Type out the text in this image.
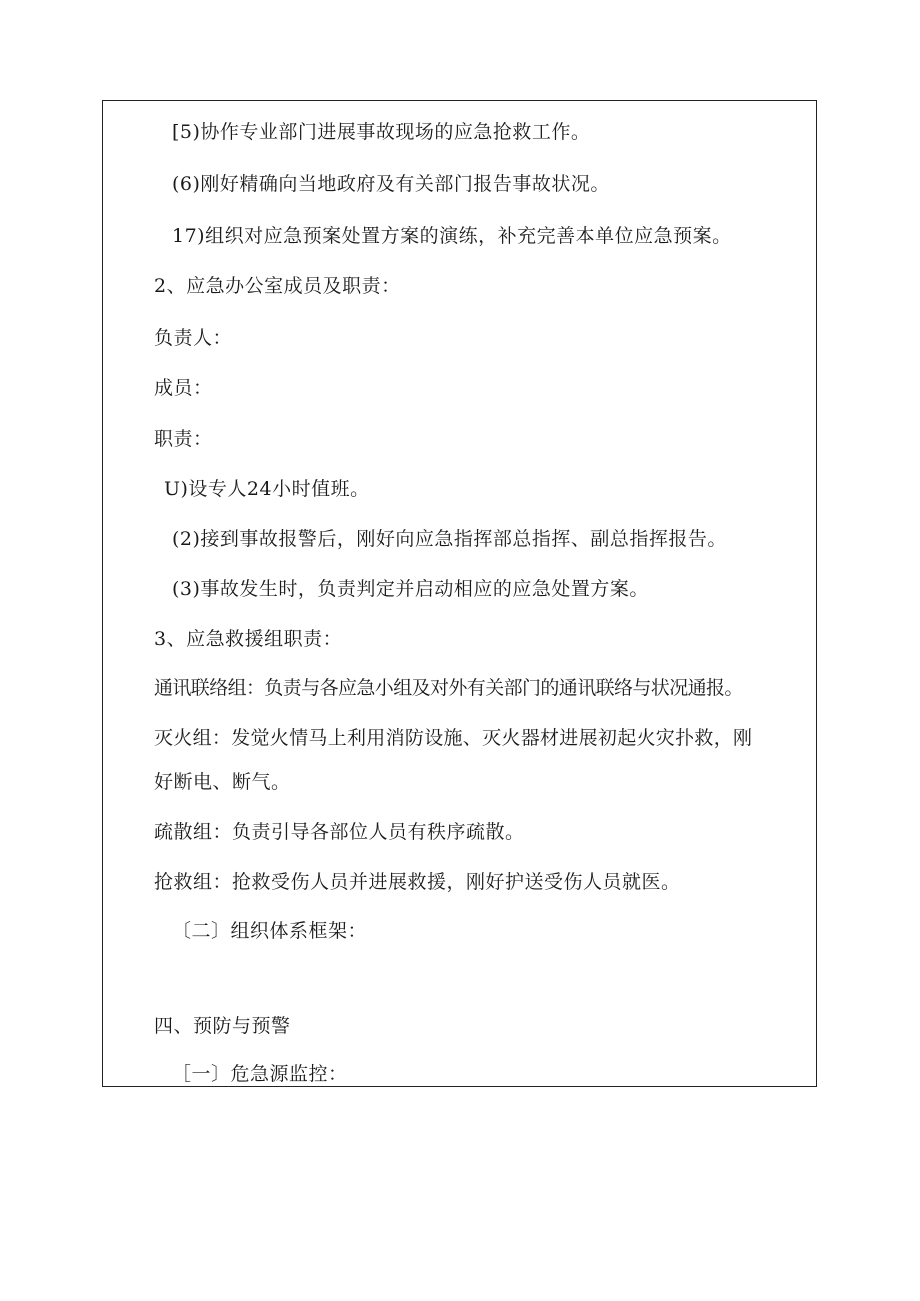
[5)协作专业部门进展事故现场的应急抢救工作。
(6)刚好精确向当地政府及有关部门报告事故状况。
17)组织对应急预案处置方案的演练，补充完善本单位应急预案。
2、应急办公室成员及职责：
负责人：
成员：
职责：
U)设专人24小时值班。
(2)接到事故报警后，刚好向应急指挥部总指挥、副总指挥报告。
(3)事故发生时，负责判定并启动相应的应急处置方案。
3、应急救援组职责：
通讯联络组：负责与各应急小组及对外有关部门的通讯联络与状况通报。
灭火组：发觉火情马上利用消防设施、灭火器材进展初起火灾扑救，刚
好断电、断气。
疏散组：负责引导各部位人员有秩序疏散。
抢救组：抢救受伤人员并进展救援，刚好护送受伤人员就医。
〔二〕组织体系框架：
四、预防与预警
［一〕危急源监控：
